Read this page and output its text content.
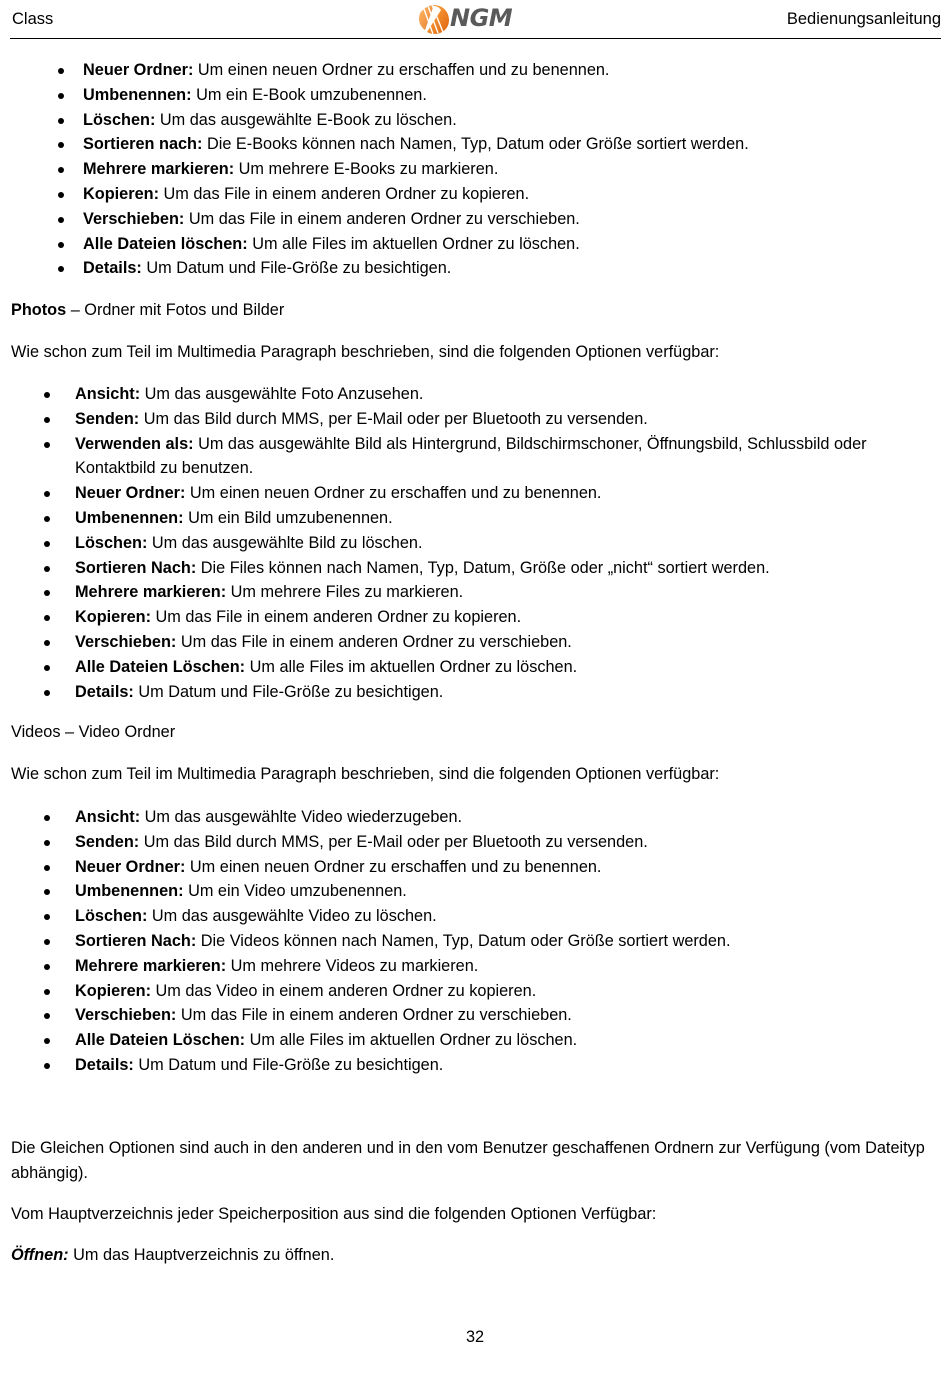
Class	NGM	Bedienungsanleitung
Neuer Ordner: Um einen neuen Ordner zu erschaffen und zu benennen.
Umbenennen: Um ein E-Book umzubenennen.
Löschen: Um das ausgewählte E-Book zu löschen.
Sortieren nach: Die E-Books können nach Namen, Typ, Datum oder Größe sortiert werden.
Mehrere markieren: Um mehrere E-Books zu markieren.
Kopieren: Um das File in einem anderen Ordner zu kopieren.
Verschieben: Um das File in einem anderen Ordner zu verschieben.
Alle Dateien löschen: Um alle Files im aktuellen Ordner zu löschen.
Details: Um Datum und File-Größe zu besichtigen.
Photos – Ordner mit Fotos und Bilder
Wie schon zum Teil im Multimedia Paragraph beschrieben, sind die folgenden Optionen verfügbar:
Ansicht: Um das ausgewählte Foto Anzusehen.
Senden: Um das Bild durch MMS, per E-Mail oder per Bluetooth zu versenden.
Verwenden als: Um das ausgewählte Bild als Hintergrund, Bildschirmschoner, Öffnungsbild, Schlussbild oder Kontaktbild zu benutzen.
Neuer Ordner: Um einen neuen Ordner zu erschaffen und zu benennen.
Umbenennen: Um ein Bild umzubenennen.
Löschen: Um das ausgewählte Bild zu löschen.
Sortieren Nach: Die Files können nach Namen, Typ, Datum, Größe oder „nicht“ sortiert werden.
Mehrere markieren: Um mehrere Files zu markieren.
Kopieren: Um das File in einem anderen Ordner zu kopieren.
Verschieben: Um das File in einem anderen Ordner zu verschieben.
Alle Dateien Löschen: Um alle Files im aktuellen Ordner zu löschen.
Details: Um Datum und File-Größe zu besichtigen.
Videos – Video Ordner
Wie schon zum Teil im Multimedia Paragraph beschrieben, sind die folgenden Optionen verfügbar:
Ansicht: Um das ausgewählte Video wiederzugeben.
Senden: Um das Bild durch MMS, per E-Mail oder per Bluetooth zu versenden.
Neuer Ordner: Um einen neuen Ordner zu erschaffen und zu benennen.
Umbenennen: Um ein Video umzubenennen.
Löschen: Um das ausgewählte Video zu löschen.
Sortieren Nach: Die Videos können nach Namen, Typ, Datum oder Größe sortiert werden.
Mehrere markieren: Um mehrere Videos zu markieren.
Kopieren: Um das Video in einem anderen Ordner zu kopieren.
Verschieben: Um das File in einem anderen Ordner zu verschieben.
Alle Dateien Löschen: Um alle Files im aktuellen Ordner zu löschen.
Details: Um Datum und File-Größe zu besichtigen.
Die Gleichen Optionen sind auch in den anderen und in den vom Benutzer geschaffenen Ordnern zur Verfügung (vom Dateityp abhängig).
Vom Hauptverzeichnis jeder Speicherposition aus sind die folgenden Optionen Verfügbar:
Öffnen: Um das Hauptverzeichnis zu öffnen.
32
